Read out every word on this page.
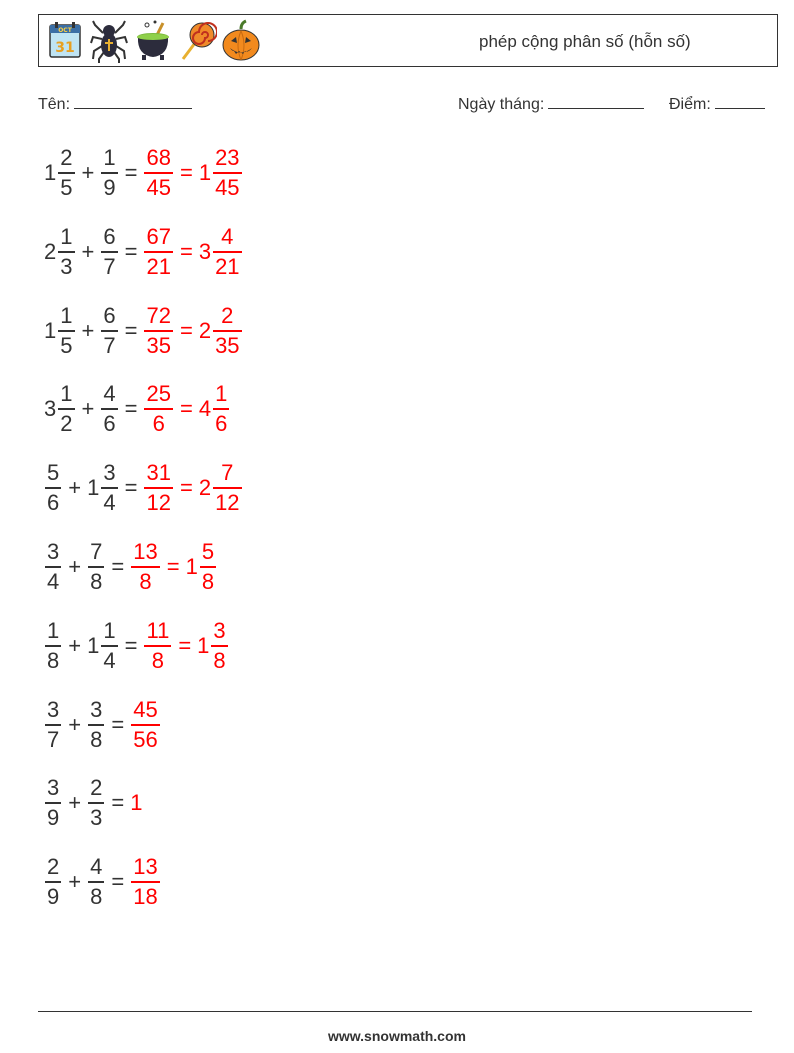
OCT
31	phép cộng phân số (hỗn số)
Tên:	Ngày tháng:	Điểm:
$1 \frac{2}{5} + \frac{1}{9} = \frac{68}{45} = 1 \frac{23}{45}$
$2 \frac{1}{3} + \frac{6}{7} = \frac{67}{21} = 3 \frac{4}{21}$
$1 \frac{1}{5} + \frac{6}{7} = \frac{72}{35} = 2 \frac{2}{35}$
$3 \frac{1}{2} + \frac{4}{6} = \frac{25}{6} = 4 \frac{1}{6}$
$\frac{5}{6} + 1 \frac{3}{4} = \frac{31}{12} = 2 \frac{7}{12}$
$\frac{3}{4} + \frac{7}{8} = \frac{13}{8} = 1 \frac{5}{8}$
$\frac{1}{8} + 1 \frac{1}{4} = \frac{11}{8} = 1 \frac{3}{8}$
$\frac{3}{7} + \frac{3}{8} = \frac{45}{56}$
$\frac{3}{9} + \frac{2}{3} = 1$
$\frac{2}{9} + \frac{4}{8} = \frac{13}{18}$
www.snowmath.com
